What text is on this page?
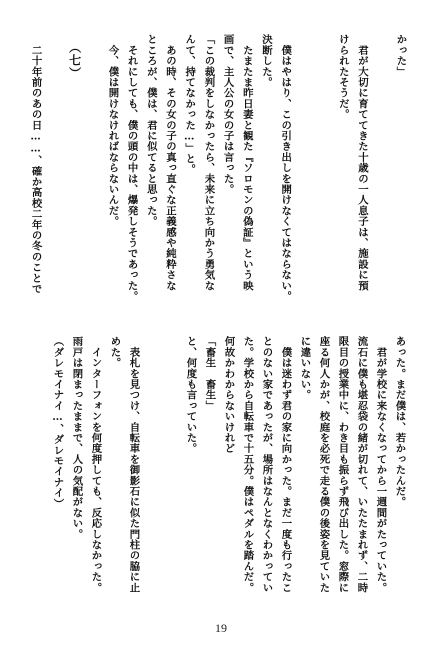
かった」
　君が大切に育ててきた十歳の一人息子は、施設に預
けられたそうだ。
　僕はやはり、この引き出しを開けなくてはならない。
決断した。
　たまたま昨日妻と観た『ソロモンの偽証』という映
画で、主人公の女の子は言った。
「この裁判をしなかったら、未来に立ち向かう勇気な
んて、持てなかった…」と。
　あの時、その女の子の真っ直ぐな正義感や純粋さな
ところが、僕は、君に似てると思った。
　それにしても、僕の頭の中は、爆発しそうであった。
　今、僕は開けなければならないんだ。
　（七）
　二十年前のあの日……、確か高校二年の冬のことで
あった。まだ僕は、若かったんだ。
　君が学校に来なくなってから一週間がたっていた。
流石に僕も堪忍袋の緒が切れて、いたたまれず、二時
限目の授業中に、わき目も振らず飛び出した。窓際に
座る何人かが、校庭を必死で走る僕の後姿を見ていた
に違いない。
　僕は迷わず君の家に向かった。まだ一度も行ったこ
とのない家であったが、場所はなんとなくわかってい
た。学校から自転車で十五分。僕はペダルを踏んだ。
何故かわからないけれど
「畜生　畜生」
と、何度も言っていた。
　表札を見つけ、自転車を御影石に似た門柱の脇に止
めた。
　インターフォンを何度押しても、反応しなかった。
雨戸は閉まったままで、人の気配がない。
（ダレモイナイ…、ダレモイナイ）
19
